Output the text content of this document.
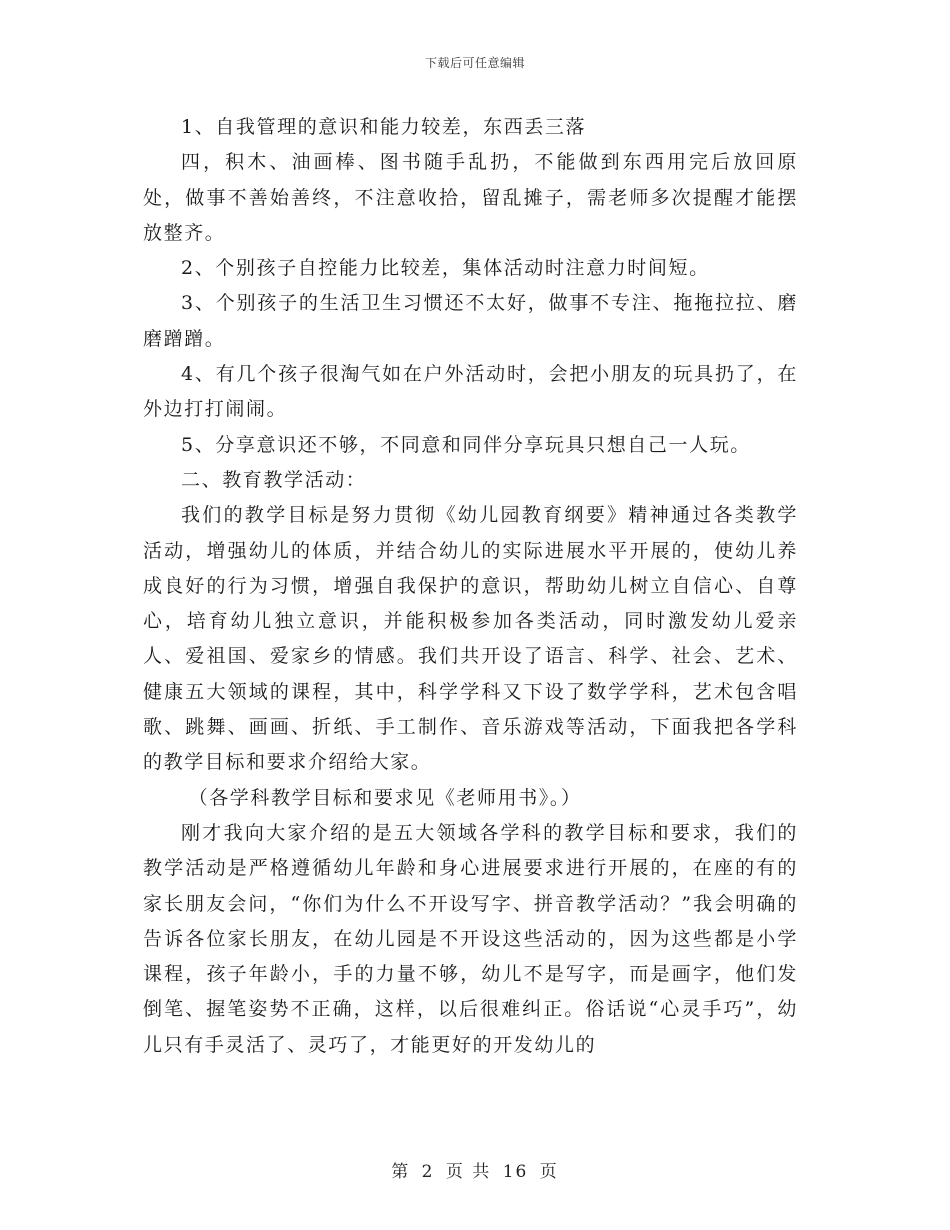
下载后可任意编辑

1、自我管理的意识和能力较差，东西丢三落

四，积木、油画棒、图书随手乱扔，不能做到东西用完后放回原处，做事不善始善终，不注意收拾，留乱摊子，需老师多次提醒才能摆放整齐。

2、个别孩子自控能力比较差，集体活动时注意力时间短。

3、个别孩子的生活卫生习惯还不太好，做事不专注、拖拖拉拉、磨磨蹭蹭。

4、有几个孩子很淘气如在户外活动时，会把小朋友的玩具扔了，在外边打打闹闹。

5、分享意识还不够，不同意和同伴分享玩具只想自己一人玩。

二、教育教学活动：

我们的教学目标是努力贯彻《幼儿园教育纲要》精神通过各类教学活动，增强幼儿的体质，并结合幼儿的实际进展水平开展的，使幼儿养成良好的行为习惯，增强自我保护的意识，帮助幼儿树立自信心、自尊心，培育幼儿独立意识，并能积极参加各类活动，同时激发幼儿爱亲人、爱祖国、爱家乡的情感。我们共开设了语言、科学、社会、艺术、健康五大领域的课程，其中，科学学科又下设了数学学科，艺术包含唱歌、跳舞、画画、折纸、手工制作、音乐游戏等活动，下面我把各学科的教学目标和要求介绍给大家。

（各学科教学目标和要求见《老师用书》。）

刚才我向大家介绍的是五大领域各学科的教学目标和要求，我们的教学活动是严格遵循幼儿年龄和身心进展要求进行开展的，在座的有的家长朋友会问，“你们为什么不开设写字、拼音教学活动？”我会明确的告诉各位家长朋友，在幼儿园是不开设这些活动的，因为这些都是小学课程，孩子年龄小，手的力量不够，幼儿不是写字，而是画字，他们发倒笔、握笔姿势不正确，这样，以后很难纠正。俗话说“心灵手巧”，幼儿只有手灵活了、灵巧了，才能更好的开发幼儿的

第 2 页 共 16 页
